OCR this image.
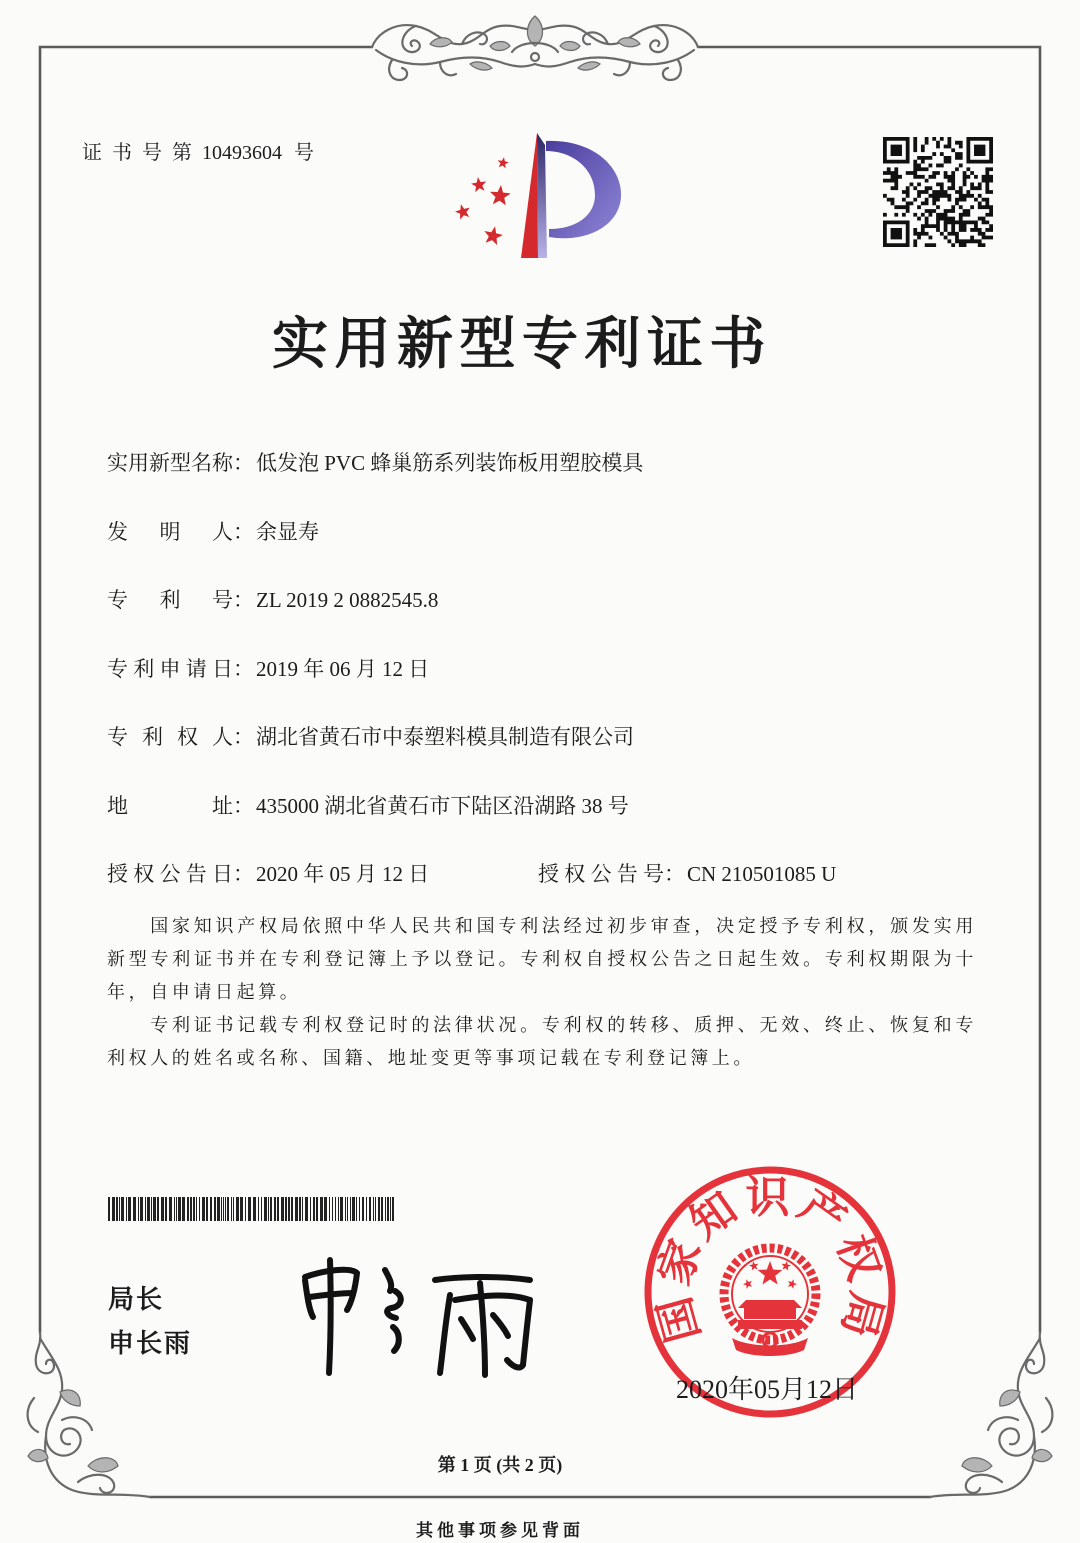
证书号第10493604 号
实用新型专利证书
实 用 新 型 名 称 ： 低发泡 PVC 蜂巢筋系列装饰板用塑胶模具
发 明 人 ： 余显寿
专 利 号 ： ZL 2019 2 0882545.8
专 利 申 请 日 ： 2019 年 06 月 12 日
专 利 权 人 ： 湖北省黄石市中泰塑料模具制造有限公司
地	址 ： 435000 湖北省黄石市下陆区沿湖路 38 号
授 权 公 告 日 ： 2020 年 05 月 12 日	授 权 公 告 号 ： CN 210501085 U

国家知识产权局依照中华人民共和国专利法经过初步审查，决定授予专利权，颁发实用新型专利证书并在专利登记簿上予以登记。专利权自授权公告之日起生效。专利权期限为十年，自申请日起算。

专利证书记载专利权登记时的法律状况。专利权的转移、质押、无效、终止、恢复和专利权人的姓名或名称、国籍、地址变更等事项记载在专利登记簿上。

局长
申长雨	国家知识产权局
2020年05月12日
第 1 页 (共 2 页)
其他事项参见背面
